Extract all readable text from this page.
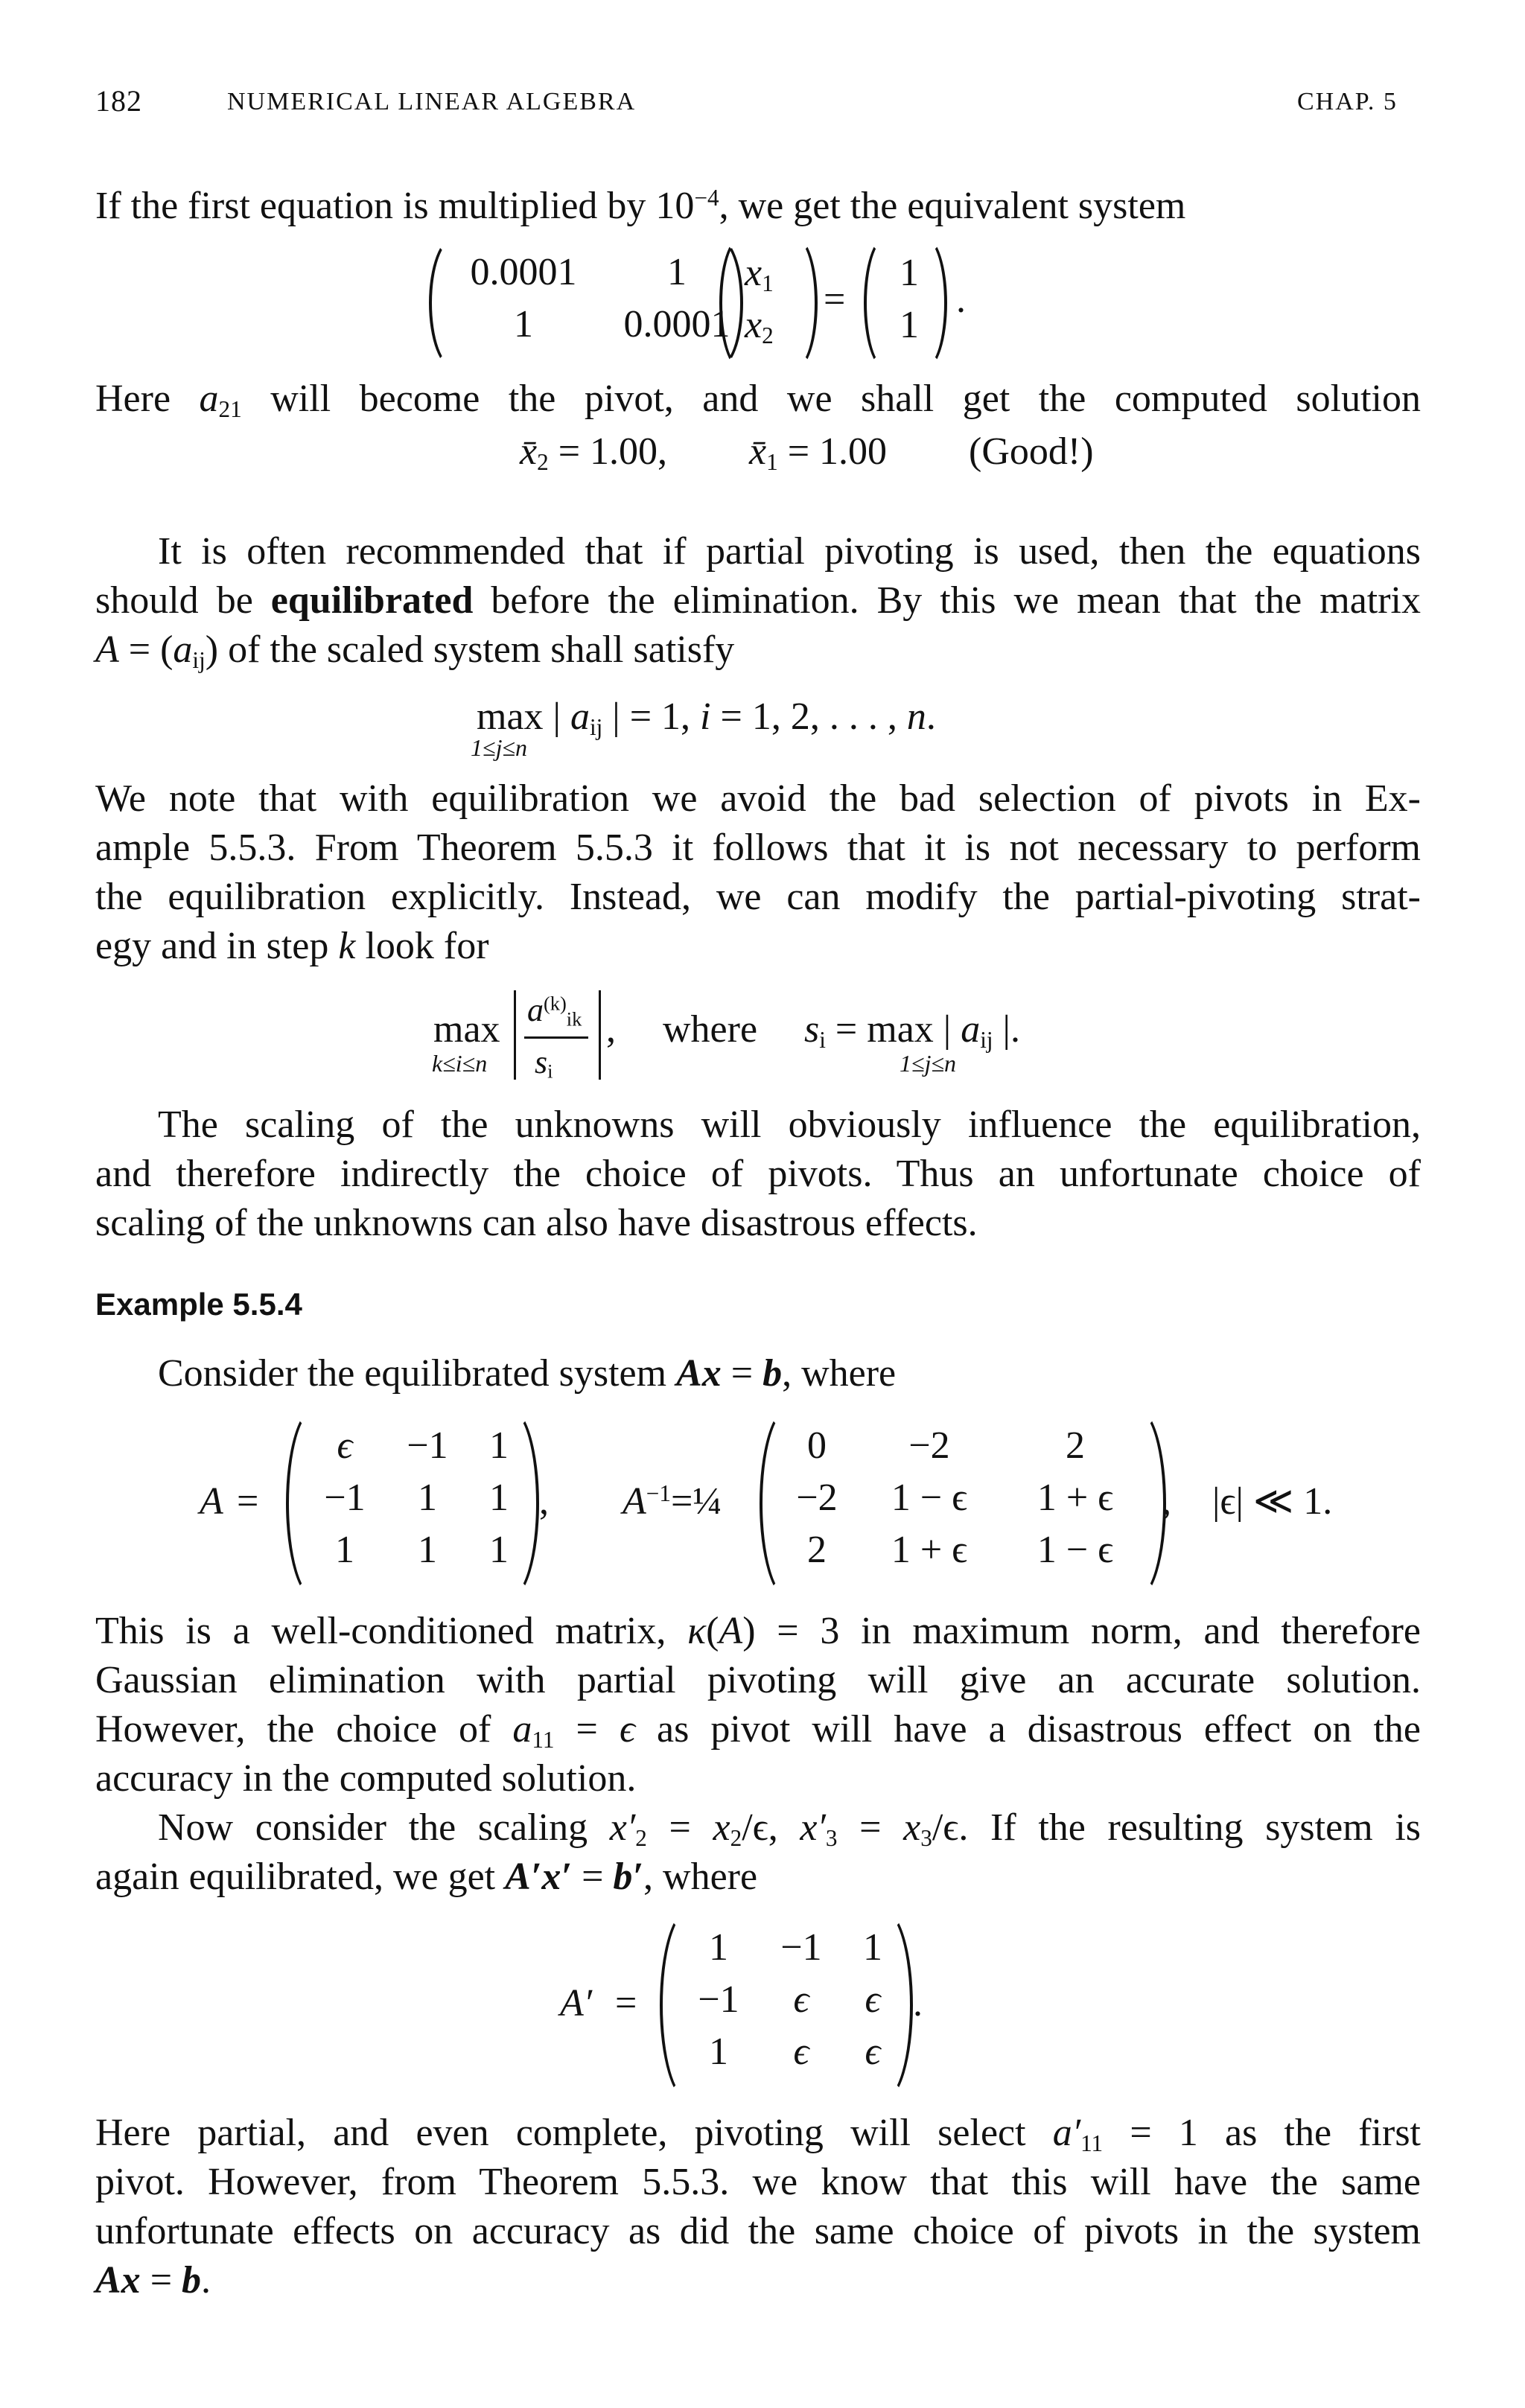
182	NUMERICAL LINEAR ALGEBRA	CHAP. 5
If the first equation is multiplied by $10^{-4}$, we get the equivalent system
0.0001	1
1	0.0001
$x_1$
$x_2$
=
1
1
.
Here $a_{21}$ will become the pivot, and we shall get the computed solution
$x̄_2 = 1.00$, $x̄_1 = 1.00$ (Good!)
It is often recommended that if partial pivoting is used, then the equations
should be equilibrated before the elimination. By this we mean that the matrix
$A = (a_{ij})$ of the scaled system shall satisfy
max | $a_{ij}$ | = 1, i = 1, 2, . . . , n.
1≤j≤n
We note that with equilibration we avoid the bad selection of pivots in Ex-
ample 5.5.3. From Theorem 5.5.3 it follows that it is not necessary to perform
the equilibration explicitly. Instead, we can modify the partial-pivoting strat-
egy and in step k look for
max
k≤i≤n
$a^{(k)}_{ik}$
$s_i$
, where $s_i = \max$ | $a_{ij}$ |.
1≤j≤n
The scaling of the unknowns will obviously influence the equilibration,
and therefore indirectly the choice of pivots. Thus an unfortunate choice of
scaling of the unknowns can also have disastrous effects.
Example 5.5.4
Consider the equilibrated system Ax = b, where
A =
ϵ	−1	1
−1	1	1
1	1	1
, $A^{-1}=\frac{1}{4}$
0	−2	2
−2	1 − ϵ	1 + ϵ
2	1 + ϵ	1 − ϵ
, |ϵ| ≪ 1.
This is a well-conditioned matrix, κ(A) = 3 in maximum norm, and therefore
Gaussian elimination with partial pivoting will give an accurate solution.
However, the choice of $a_{11} = \epsilon$ as pivot will have a disastrous effect on the
accuracy in the computed solution.
Now consider the scaling $x'_2 = x_2/\epsilon$, $x'_3 = x_3/\epsilon$. If the resulting system is
again equilibrated, we get A′x′ = b′, where
A′ =
1	−1	1
−1	ϵ	ϵ
1	ϵ	ϵ
.
Here partial, and even complete, pivoting will select $a'_{11} = 1$ as the first
pivot. However, from Theorem 5.5.3. we know that this will have the same
unfortunate effects on accuracy as did the same choice of pivots in the system
Ax = b.
